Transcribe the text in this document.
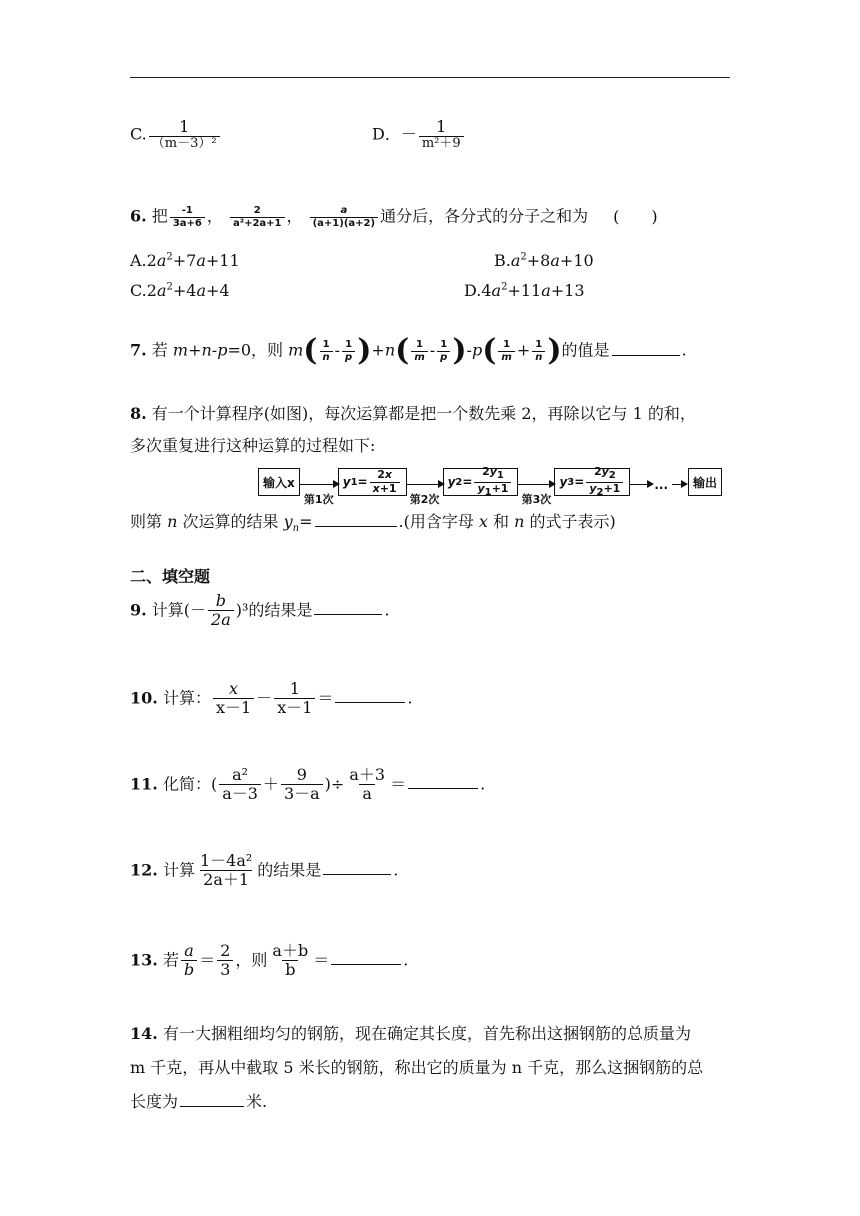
C. $\frac{1}{\text{（m－3）²}}$	D．－ $\frac{1}{\text{m²＋9}}$
6. 把 $\frac{-1}{3a+6}$ ， $\frac{2}{\text{a²+2a+1}}$ ， $\frac{a}{(a+1)(a+2)}$ 通分后，各分式的分子之和为 (　　)
$A.2a^2+7a+11$	$B.a^2+8a+10$
$C.2a^2+4a+4$	$D.4a^2+11a+13$
7. 若 m+n-p=0，则 $m( \frac{1}{n} - \frac{1}{p} )+n( \frac{1}{m} - \frac{1}{p} )-p( \frac{1}{m} + \frac{1}{n}$ )的值是	.
8. 有一个计算程序(如图)，每次运算都是把一个数先乘 2，再除以它与 1 的和，
多次重复进行这种运算的过程如下:
输入x
第1次
y $1 = \frac{2x}{x+1}$
第2次
y $2 = \frac{2y_1}{y_1+1}$
第3次
y $3 = \frac{2y_2}{y_2+1}$
	...
输出
则第 n 次运算的结果 $y_n=$	.(用含字母 x 和 n 的式子表示)
二、填空题
9. 计算(－ $\frac{b}{2a} )^3$的结果是	.
10. 计算： $\frac{x}{x-1} - \frac{1}{x-1}$ ＝	.
11. 化简：( $\frac{\text{a²}}{a-3} + \frac{9}{3-a}$ )÷ $\frac{a+3}{a}$ ＝	.
12. 计算 $\frac{\text{1－4a²}}{2a+1}$ 的结果是	.
13. 若 $\frac{a}{b} = \frac{2}{3}$ ，则 $\frac{a+b}{b}$ ＝	.
14. 有一大捆粗细均匀的钢筋，现在确定其长度，首先称出这捆钢筋的总质量为
m 千克，再从中截取 5 米长的钢筋，称出它的质量为 n 千克，那么这捆钢筋的总
长度为	米.
